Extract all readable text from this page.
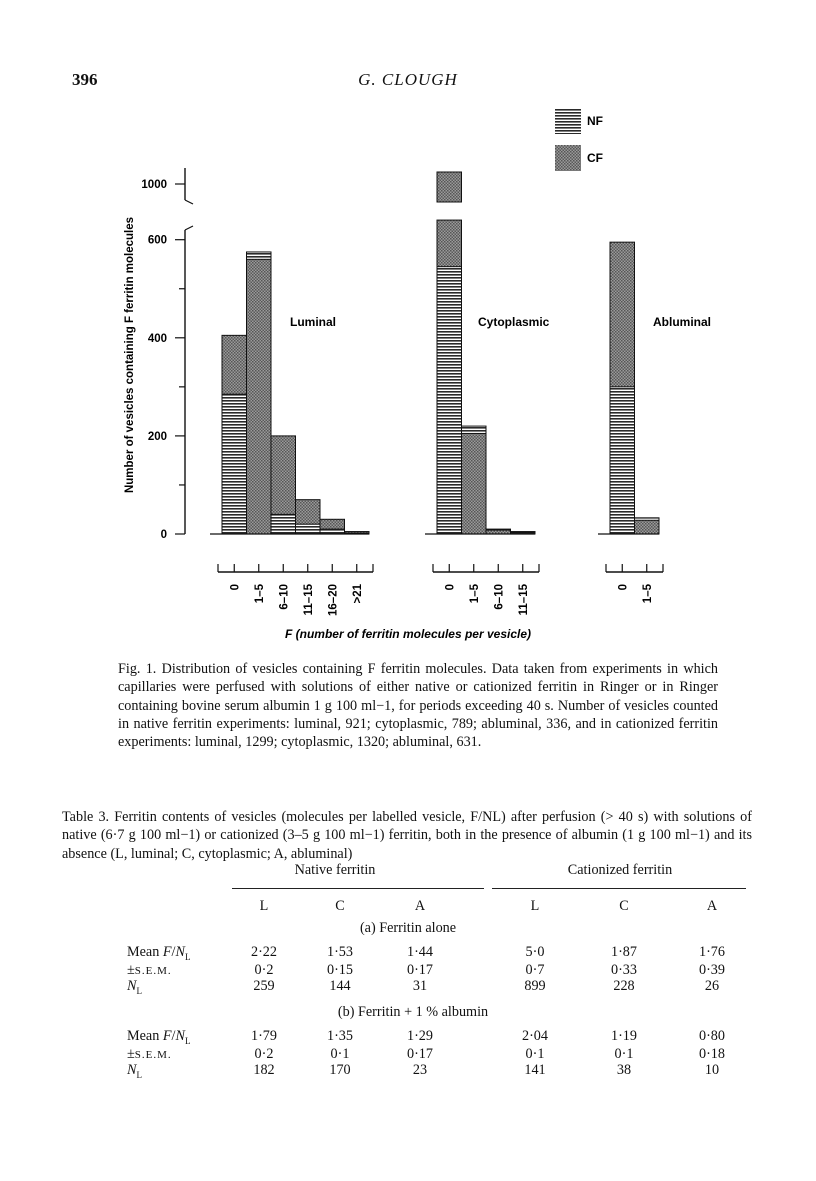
396	G. CLOUGH
NF
CF
0
200
400
600
1000
Number of vesicles containing F ferritin molecules
0 1–5 6–10 11–15 16–20 >21
Luminal
0 1–5 6–10 11–15
Cytoplasmic
0 1–5
Abluminal
F (number of ferritin molecules per vesicle)
Fig. 1. Distribution of vesicles containing F ferritin molecules. Data taken from experiments in which capillaries were perfused with solutions of either native or cationized ferritin in Ringer or in Ringer containing bovine serum albumin 1 g 100 ml−1, for periods exceeding 40 s. Number of vesicles counted in native ferritin experiments: luminal, 921; cytoplasmic, 789; abluminal, 336, and in cationized ferritin experiments: luminal, 1299; cytoplasmic, 1320; abluminal, 631.
Table 3. Ferritin contents of vesicles (molecules per labelled vesicle, F/NL) after perfusion (> 40 s) with solutions of native (6·7 g 100 ml−1) or cationized (3–5 g 100 ml−1) ferritin, both in the presence of albumin (1 g 100 ml−1) and its absence (L, luminal; C, cytoplasmic; A, abluminal)
Native ferritin	Cationized ferritin
L	C	A	L	C	A
(a) Ferritin alone
(b) Ferritin + 1 % albumin
Mean $F/N_L$	2·22	1·53	1·44	5·0	1·87	1·76
±S.E.M.	0·2	0·15	0·17	0·7	0·33	0·39
$N_L$	259	144	31	899	228	26
Mean $F/N_L$	1·79	1·35	1·29	2·04	1·19	0·80
±S.E.M.	0·2	0·1	0·17	0·1	0·1	0·18
$N_L$	182	170	23	141	38	10
